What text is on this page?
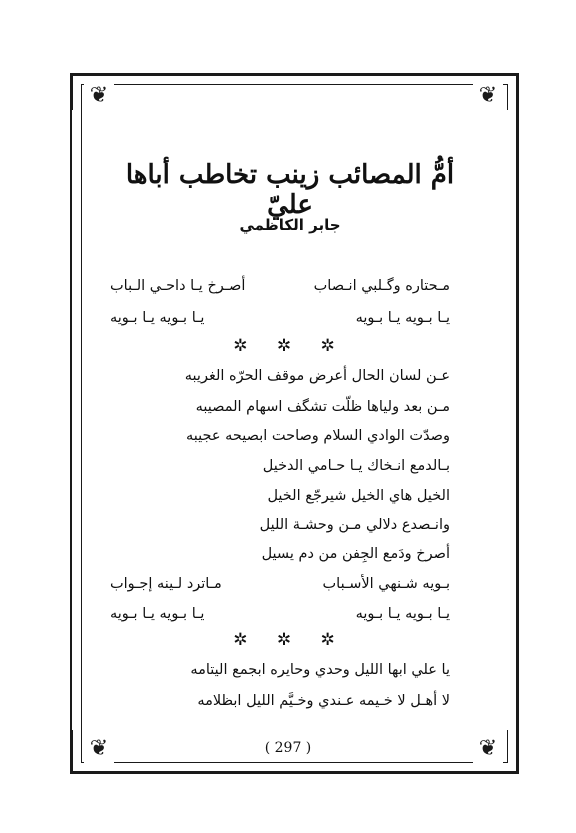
❦	❦
❦	❦
أمُّ المصائب زينب تخاطب أباها عليّ
جابر الكاظمي
مـحتاره وگـلبي انـصاب
أصـرخ يـا داحـي الـباب
يـا بـويه يـا بـويه
يـا بـويه يـا بـويه
✲ ✲ ✲
عـن لسان الحال أعرض موقف الحرّه الغريبه
مـن بعد ولياها ظلّت تشگف اسهام المصيبه
وصدّت الوادي السلام وصاحت ابصيحه عجيبه
بـالدمع انـخاك يـا حـامي الدخيل
الخيل هاي الخيل شيرجّع الخيل
وانـصدع دلالي مـن وحشـة الليل
أصرخ ودَمع الجِفن من دم يسيل
بـويه شـنهي الأسـباب
مـاترد لـينه إجـواب
يـا بـويه يـا بـويه
يـا بـويه يـا بـويه
✲ ✲ ✲
يا علي ابها الليل وحدي وحايره ابجمع اليتامه
لا أهـل لا خـيمه عـندي وخـيَّم الليل ابظلامه
( 297 )
